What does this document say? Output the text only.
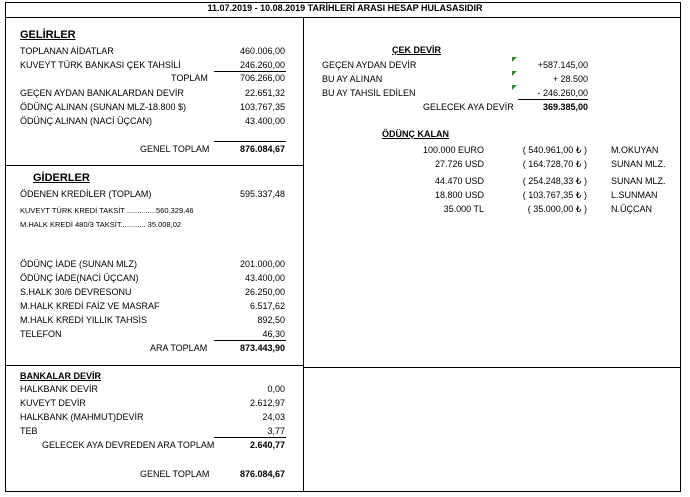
11.07.2019 - 10.08.2019 TARİHLERİ ARASI HESAP HULASASIDIR
GELİRLER
TOPLANAN AİDATLAR	460.006,00
KUVEYT TÜRK BANKASI ÇEK TAHSİLİ	246.260,00
TOPLAM	706.266,00
GEÇEN AYDAN BANKALARDAN DEVİR	22.651,32
ÖDÜNÇ ALINAN (SUNAN MLZ-18.800 $)	103.767,35
ÖDÜNÇ ALINAN (NACİ ÜÇCAN)	43.400,00
GENEL TOPLAM	876.084,67
GİDERLER
ÖDENEN KREDİLER (TOPLAM)	595.337,48
KUVEYT TÜRK KREDİ TAKSİT ..............560.329,46
M.HALK KREDİ 480/3 TAKSİT............ 35.008,02
ÖDÜNÇ İADE (SUNAN MLZ)	201.000,00
ÖDÜNÇ İADE(NACİ ÜÇCAN)	43.400,00
S.HALK 30/6 DEVRESONU	26.250,00
M.HALK KREDİ FAİZ VE MASRAF	6.517,62
M.HALK KREDİ YILLIK TAHSİS	892,50
TELEFON	46,30
ARA TOPLAM	873.443,90
BANKALAR DEVİR
HALKBANK DEVİR	0,00
KUVEYT DEVİR	2.612,97
HALKBANK (MAHMUT)DEVİR	24,03
TEB	3,77
GELECEK AYA DEVREDEN ARA TOPLAM	2.640,77
GENEL TOPLAM	876.084,67
ÇEK DEVİR
GEÇEN AYDAN DEVİR	+587.145,00
BU AY ALINAN	+ 28.500
BU AY TAHSİL EDİLEN	- 246.260,00
GELECEK AYA DEVİR	369.385,00
ÖDÜNÇ KALAN
100.000 EURO	( 540.961,00 ₺ )	M.OKUYAN
27.726 USD	( 164.728,70 ₺ )	SUNAN MLZ.
44.470 USD	( 254.248,33 ₺ )	SUNAN MLZ.
18.800 USD	( 103.767,35 ₺ )	L.SUNMAN
35.000 TL	( 35.000,00 ₺ )	N.ÜÇCAN
